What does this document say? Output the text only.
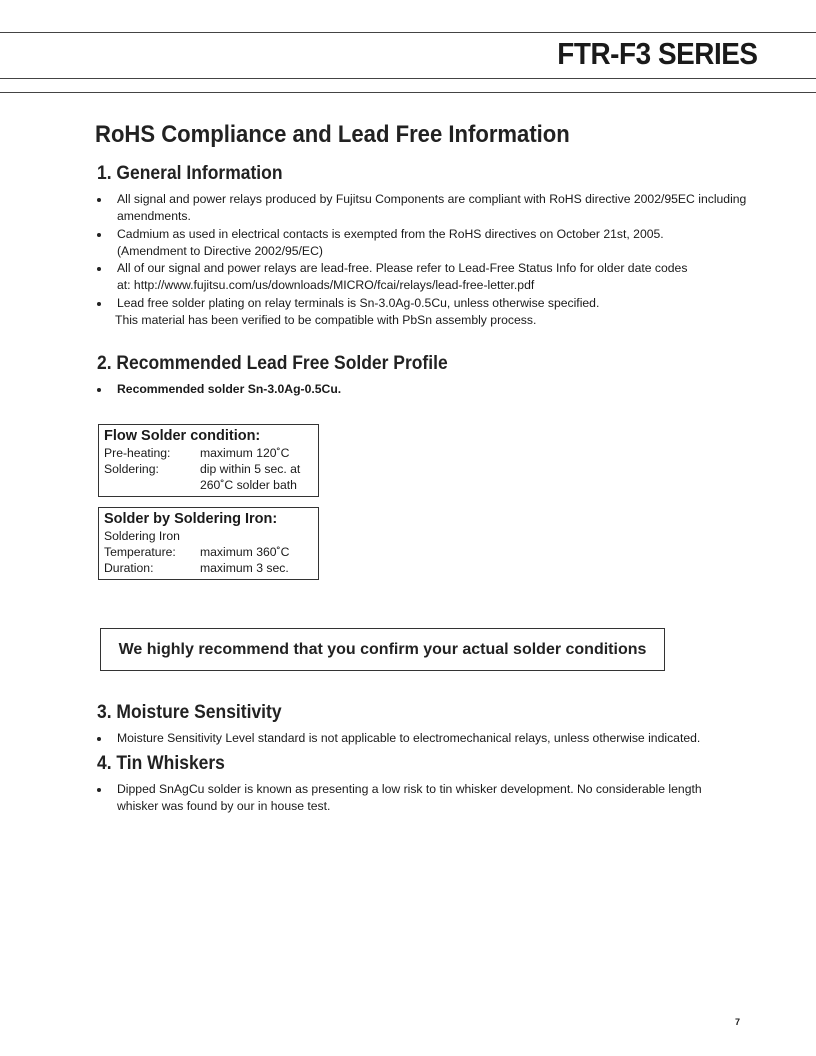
FTR-F3 SERIES
RoHS Compliance and Lead Free Information
1. General Information
All signal and power relays produced by Fujitsu Components are compliant with RoHS directive 2002/95EC including
amendments.
Cadmium as used in electrical contacts is exempted from the RoHS directives on October 21st, 2005.
(Amendment to Directive 2002/95/EC)
All of our signal and power relays are lead-free. Please refer to Lead-Free Status Info for older date codes
at: http://www.fujitsu.com/us/downloads/MICRO/fcai/relays/lead-free-letter.pdf
Lead free solder plating on relay terminals is Sn-3.0Ag-0.5Cu, unless otherwise specified.
This material has been verified to be compatible with PbSn assembly process.
2. Recommended Lead Free Solder Profile
Recommended solder Sn-3.0Ag-0.5Cu.
Flow Solder condition:
Pre-heating:	maximum 120˚C
Soldering:	dip within 5 sec. at
260˚C solder bath
Solder by Soldering Iron:
Soldering Iron
Temperature:	maximum 360˚C
Duration:	maximum 3 sec.
We highly recommend that you confirm your actual solder conditions
3. Moisture Sensitivity
Moisture Sensitivity Level standard is not applicable to electromechanical relays, unless otherwise indicated.
4. Tin Whiskers
Dipped SnAgCu solder is known as presenting a low risk to tin whisker development. No considerable length
whisker was found by our in house test.
7
